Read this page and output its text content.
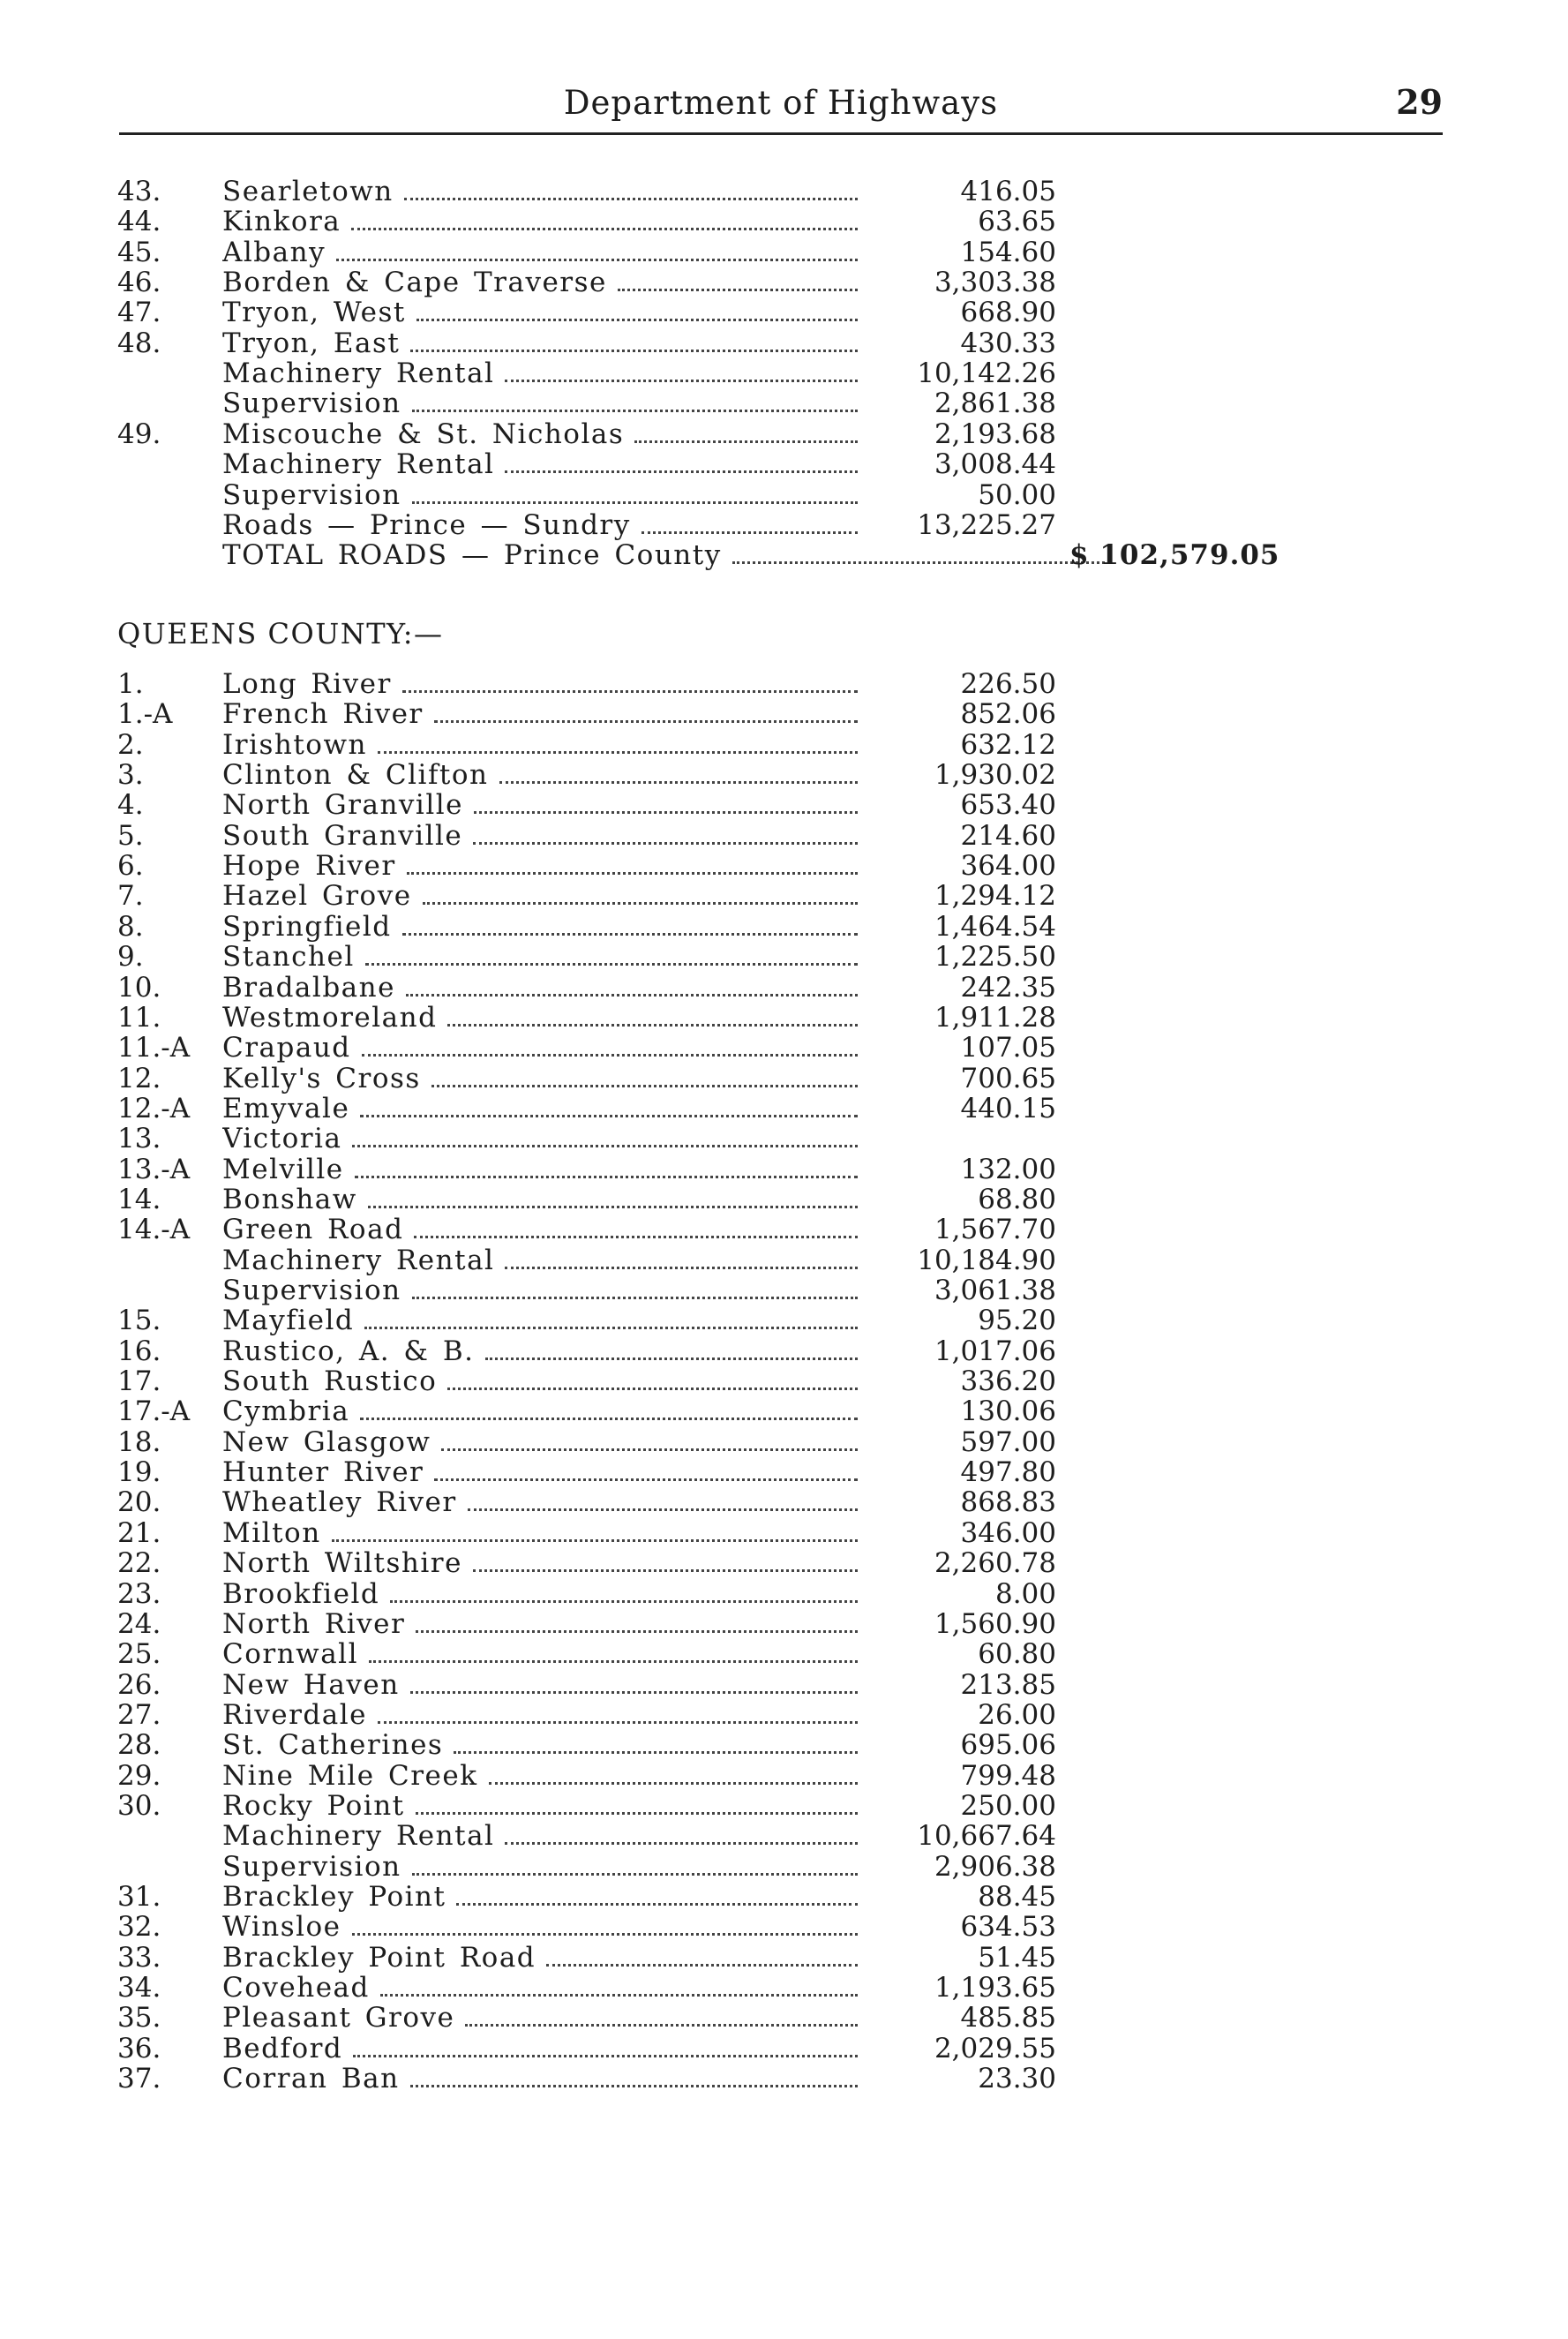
Department of Highways	29
43.	Searletown	416.05
44.	Kinkora	63.65
45.	Albany	154.60
46.	Borden & Cape Traverse	3,303.38
47.	Tryon, West	668.90
48.	Tryon, East	430.33
Machinery Rental	10,142.26
Supervision	2,861.38
49.	Miscouche & St. Nicholas	2,193.68
Machinery Rental	3,008.44
Supervision	50.00
Roads — Prince — Sundry	13,225.27
TOTAL ROADS — Prince County	$ 102,579.05
QUEENS COUNTY:—
1.	Long River	226.50
1.-A	French River	852.06
2.	Irishtown	632.12
3.	Clinton & Clifton	1,930.02
4.	North Granville	653.40
5.	South Granville	214.60
6.	Hope River	364.00
7.	Hazel Grove	1,294.12
8.	Springfield	1,464.54
9.	Stanchel	1,225.50
10.	Bradalbane	242.35
11.	Westmoreland	1,911.28
11.-A	Crapaud	107.05
12.	Kelly's Cross	700.65
12.-A	Emyvale	440.15
13.	Victoria
13.-A	Melville	132.00
14.	Bonshaw	68.80
14.-A	Green Road	1,567.70
Machinery Rental	10,184.90
Supervision	3,061.38
15.	Mayfield	95.20
16.	Rustico, A. & B.	1,017.06
17.	South Rustico	336.20
17.-A	Cymbria	130.06
18.	New Glasgow	597.00
19.	Hunter River	497.80
20.	Wheatley River	868.83
21.	Milton	346.00
22.	North Wiltshire	2,260.78
23.	Brookfield	8.00
24.	North River	1,560.90
25.	Cornwall	60.80
26.	New Haven	213.85
27.	Riverdale	26.00
28.	St. Catherines	695.06
29.	Nine Mile Creek	799.48
30.	Rocky Point	250.00
Machinery Rental	10,667.64
Supervision	2,906.38
31.	Brackley Point	88.45
32.	Winsloe	634.53
33.	Brackley Point Road	51.45
34.	Covehead	1,193.65
35.	Pleasant Grove	485.85
36.	Bedford	2,029.55
37.	Corran Ban	23.30
